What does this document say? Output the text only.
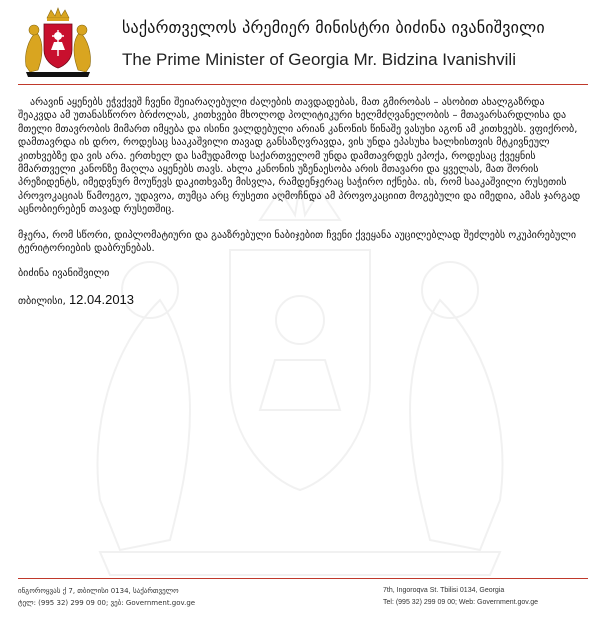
საქართველოს პრემიერ მინისტრი ბიძინა ივანიშვილი
The Prime Minister of Georgia Mr. Bidzina Ivanishvili

არავინ აყენებს ეჭვქვეშ ჩვენი შეიარაღებული ძალების თავდადებას, მათ გმირობას – ასობით ახალგაზრდა შეაკვდა ამ უთანასწორო ბრძოლას, კითხვები მხოლოდ პოლიტიკური ხელმძღვანელობის – მთავარსარდლისა და მთელი მთავრობის მიმართ იმყება და ისინი ვალდებული არიან კანონის წინაშე ვასუხი აგონ ამ კითხვებს. ვფიქრობ, დამთავრდა ის დრო, როდესაც სააკაშვილი თავად განსაზღვრავდა, ვის უნდა ეპასუხა ხალხისთვის მტკივნეულ კითხვებზე და ვის არა. ერთხელ და სამუდამოდ საქართველომ უნდა დამთავრდეს ეპოქა, როდესაც ქვეყნის მმართველი კანონზე მაღლა აყენებს თავს. ახლა კანონის უზენაესობა არის მთავარი და ყველას, მათ შორის პრეზიდენტს, იმედვნურ მოუწევს დაკითხვაზე მისვლა, რამდენჯერაც საჭირო იქნება. ის, რომ სააკაშვილი რუსეთის პროვოკაციას წამოეგო, უდავოა, თუმცა არც რუსეთი აღმოჩნდა ამ პროვოკაციით მოგებული და იმედია, ამას ჯარგად აცნობიერებენ თავად რუსეთშიც.

მჯერა, რომ სწორი, დიპლომატიური და გააზრებული ნაბიჯებით ჩვენი ქვეყანა აუცილებლად შეძლებს ოკუპირებული ტერიტორიების დაბრუნებას.

ბიძინა ივანიშვილი

თბილისი, 12.04.2013
ინგოროყვას ქ 7, თბილისი 0134, საქართველო
ტელ: (995 32) 299 09 00; ვებ: Government.gov.ge
7th, Ingoroqva St. Tbilisi 0134, Georgia
Tel: (995 32) 299 09 00; Web: Government.gov.ge
